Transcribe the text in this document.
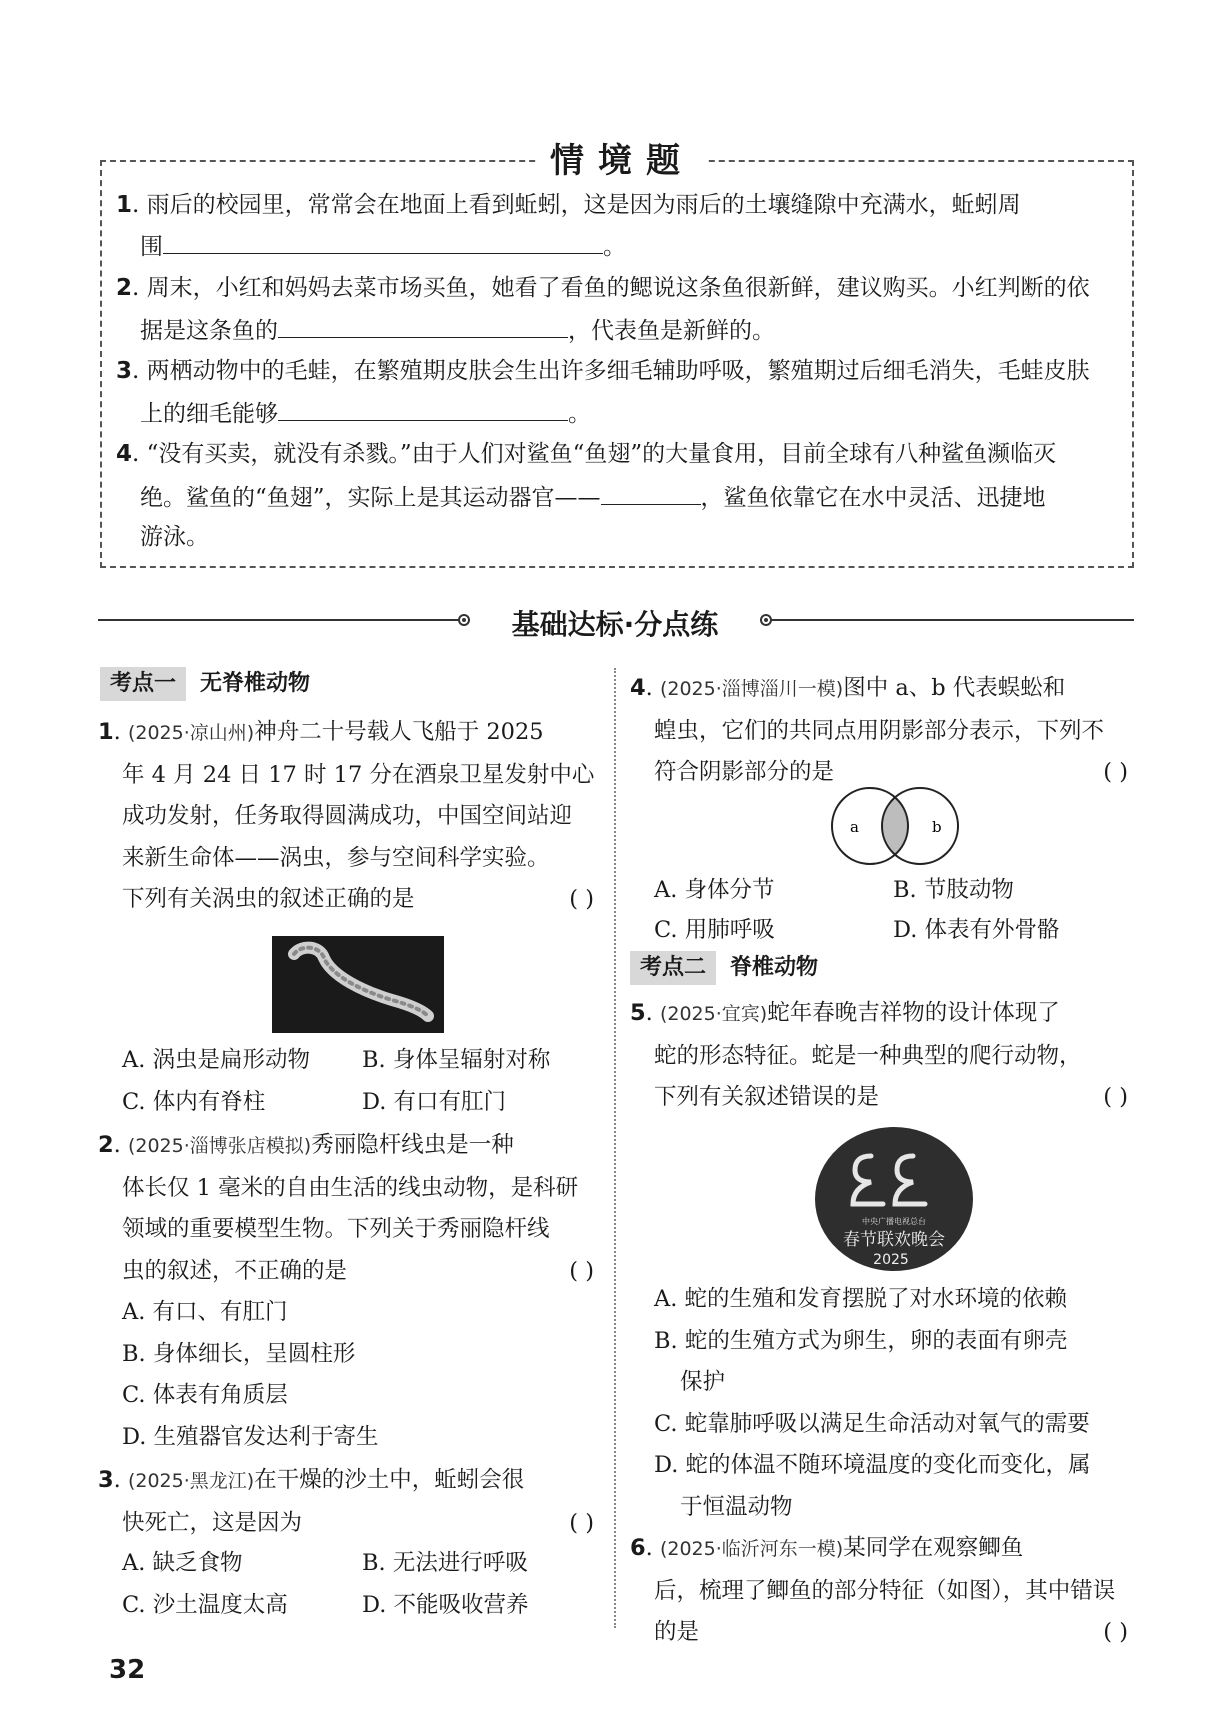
情境题
1. 雨后的校园里，常常会在地面上看到蚯蚓，这是因为雨后的土壤缝隙中充满水，蚯蚓周
围	。
2. 周末，小红和妈妈去菜市场买鱼，她看了看鱼的鳃说这条鱼很新鲜，建议购买。小红判断的依
据是这条鱼的	，代表鱼是新鲜的。
3. 两栖动物中的毛蛙，在繁殖期皮肤会生出许多细毛辅助呼吸，繁殖期过后细毛消失，毛蛙皮肤
上的细毛能够	。
4. “没有买卖，就没有杀戮。”由于人们对鲨鱼“鱼翅”的大量食用，目前全球有八种鲨鱼濒临灭
绝。鲨鱼的“鱼翅”，实际上是其运动器官——	，鲨鱼依靠它在水中灵活、迅捷地
游泳。
基础达标·分点练
考点一 无脊椎动物
1. (2025·凉山州)神舟二十号载人飞船于 2025
年 4 月 24 日 17 时 17 分在酒泉卫星发射中心
成功发射，任务取得圆满成功，中国空间站迎
来新生命体——涡虫，参与空间科学实验。
下列有关涡虫的叙述正确的是	( )
A. 涡虫是扁形动物 B. 身体呈辐射对称
C. 体内有脊柱	D. 有口有肛门
2. (2025·淄博张店模拟)秀丽隐杆线虫是一种
体长仅 1 毫米的自由生活的线虫动物，是科研
领域的重要模型生物。下列关于秀丽隐杆线
虫的叙述，不正确的是	( )
A. 有口、有肛门
B. 身体细长，呈圆柱形
C. 体表有角质层
D. 生殖器官发达利于寄生
3. (2025·黑龙江)在干燥的沙土中，蚯蚓会很
快死亡，这是因为	( )
A. 缺乏食物	B. 无法进行呼吸
C. 沙土温度太高	D. 不能吸收营养
4. (2025·淄博淄川一模)图中 a、b 代表蜈蚣和
蝗虫，它们的共同点用阴影部分表示，下列不
符合阴影部分的是	( )
a	b
A. 身体分节	B. 节肢动物
C. 用肺呼吸	D. 体表有外骨骼
考点二 脊椎动物
5. (2025·宜宾)蛇年春晚吉祥物的设计体现了
蛇的形态特征。蛇是一种典型的爬行动物，
下列有关叙述错误的是	( )
中央广播电视总台
春节联欢晚会
2025
A. 蛇的生殖和发育摆脱了对水环境的依赖
B. 蛇的生殖方式为卵生，卵的表面有卵壳
保护
C. 蛇靠肺呼吸以满足生命活动对氧气的需要
D. 蛇的体温不随环境温度的变化而变化，属
于恒温动物
6. (2025·临沂河东一模)某同学在观察鲫鱼
后，梳理了鲫鱼的部分特征（如图），其中错误
的是	( )
32
